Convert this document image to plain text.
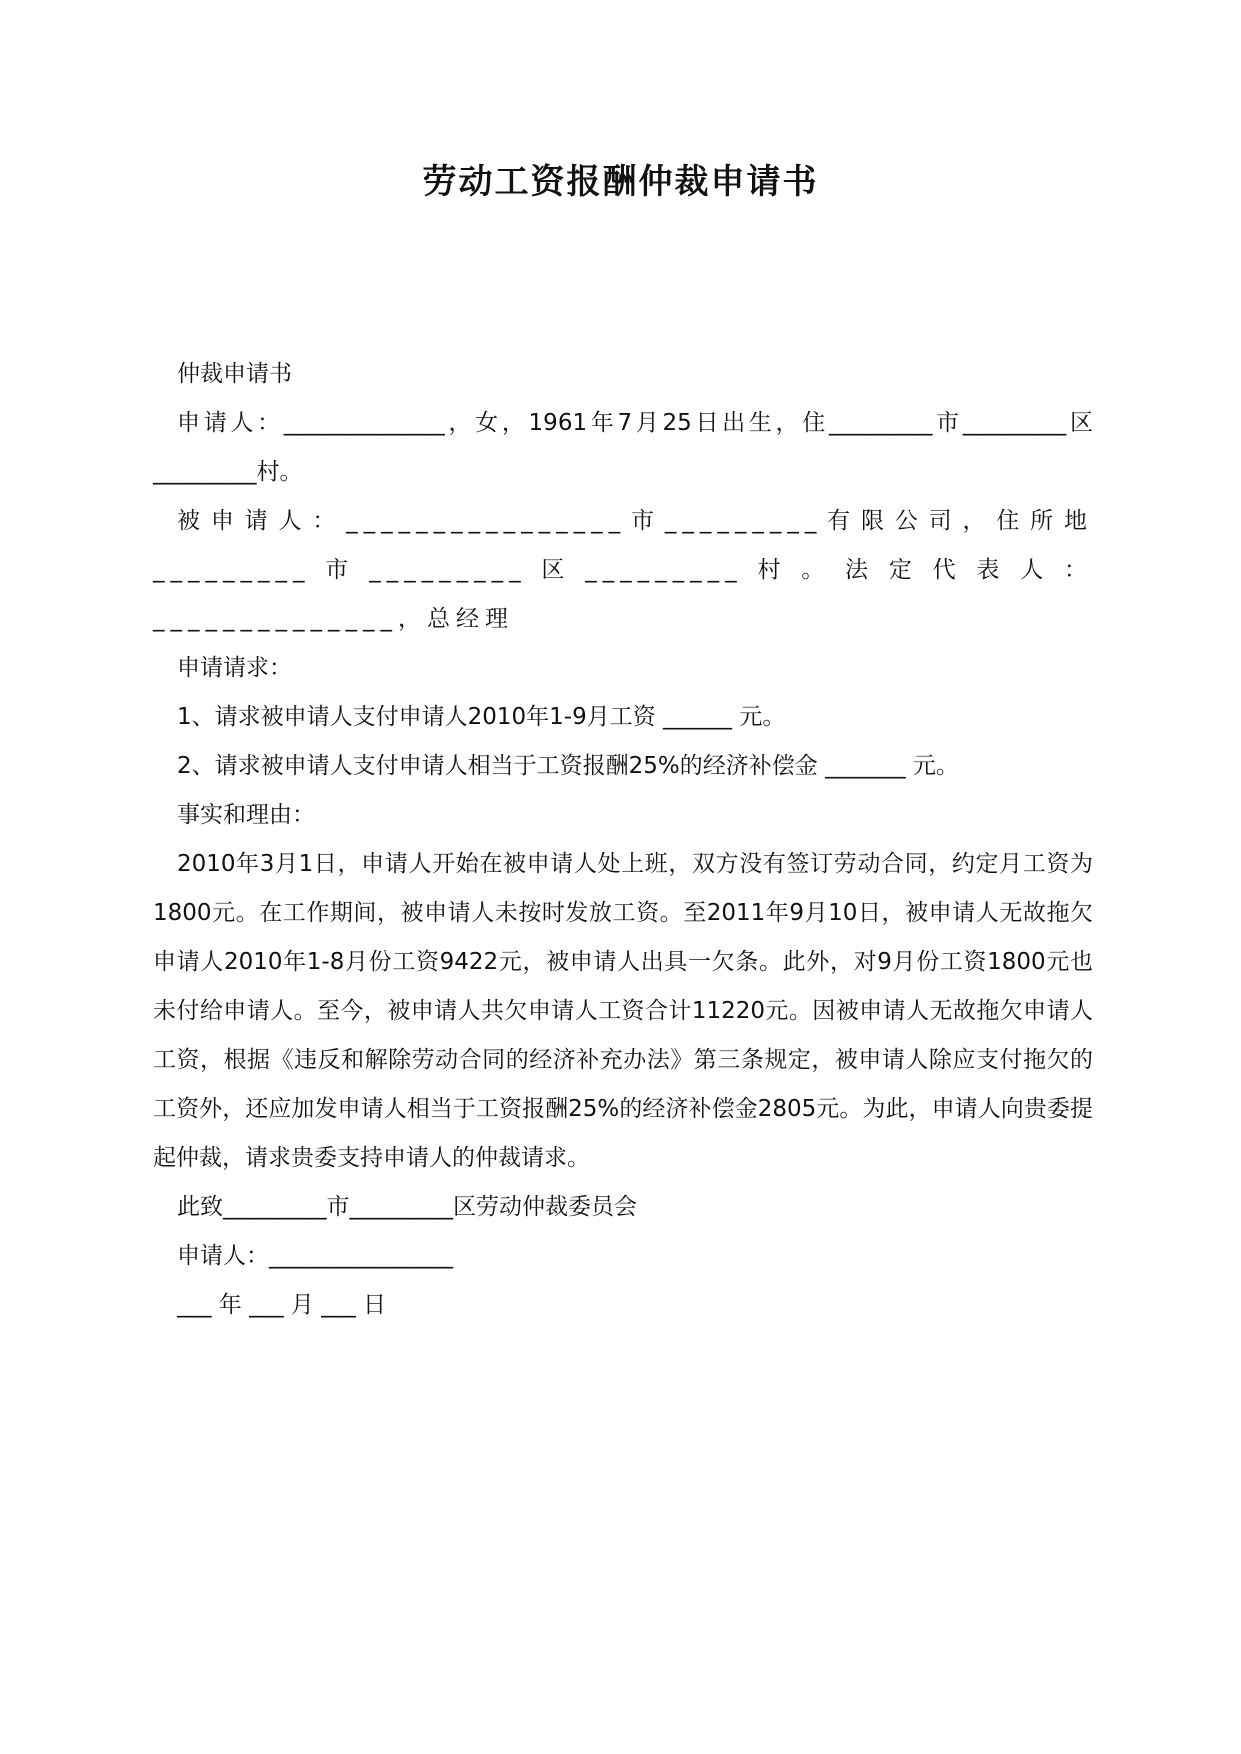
劳动工资报酬仲裁申请书

仲裁申请书

申请人：______________，女，1961年7月25日出生，住_________市_________区_________村。

被申请人：________________市_________有限公司，住所地_________市_________区_________村。法定代表人：______________，总经理

申请请求：

1、请求被申请人支付申请人2010年1-9月工资 ______ 元。

2、请求被申请人支付申请人相当于工资报酬25%的经济补偿金 _______ 元。

事实和理由：

2010年3月1日，申请人开始在被申请人处上班，双方没有签订劳动合同，约定月工资为1800元。在工作期间，被申请人未按时发放工资。至2011年9月10日，被申请人无故拖欠申请人2010年1-8月份工资9422元，被申请人出具一欠条。此外，对9月份工资1800元也未付给申请人。至今，被申请人共欠申请人工资合计11220元。因被申请人无故拖欠申请人工资，根据《违反和解除劳动合同的经济补充办法》第三条规定，被申请人除应支付拖欠的工资外，还应加发申请人相当于工资报酬25%的经济补偿金2805元。为此，申请人向贵委提起仲裁，请求贵委支持申请人的仲裁请求。

此致_________市_________区劳动仲裁委员会

申请人：________________

___ 年 ___ 月 ___ 日
